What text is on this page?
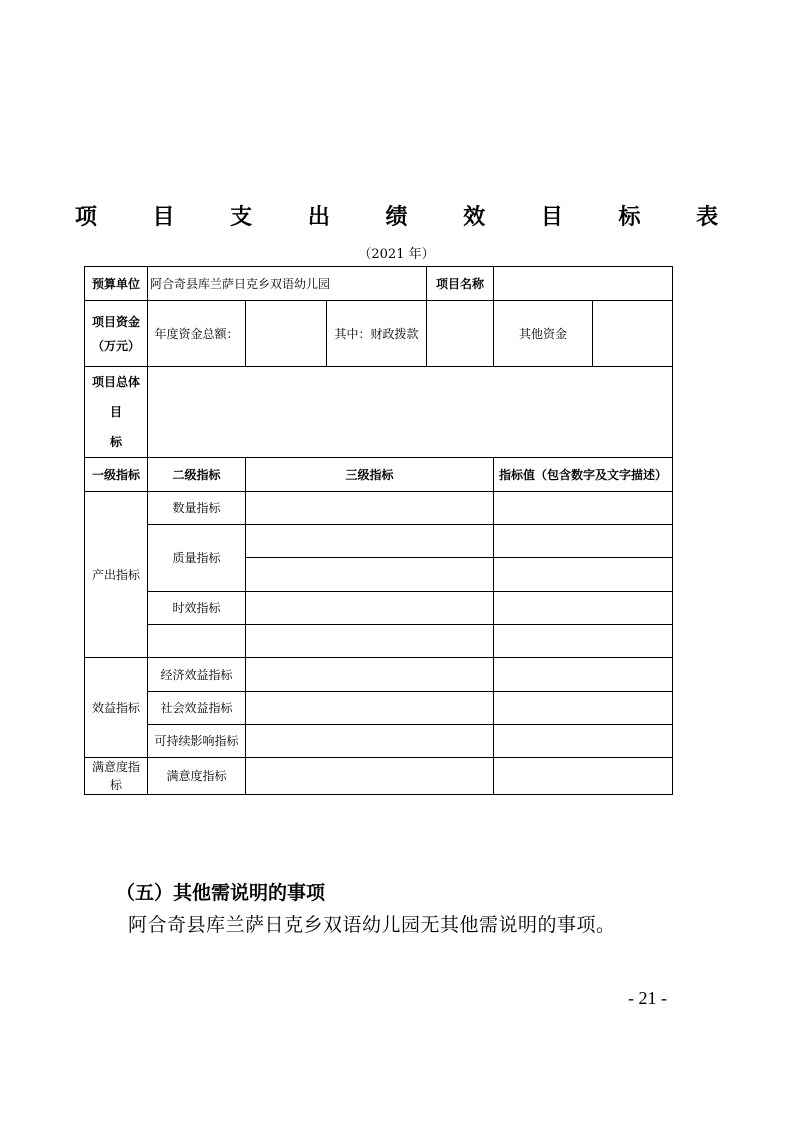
项 目 支 出 绩 效 目 标 表
（2021 年）
预算单位	阿合奇县库兰萨日克乡双语幼儿园			项目名称		

项目资金
（万元）	年度资金总额：		其中：财政拨款		其他资金	

项目总体目
标						

一级指标	二级指标	三级指标			指标值（包含数字及文字描述）	
产出指标	数量指标					
	质量指标					

	时效指标					

效益指标	经济效益指标					
	社会效益指标					
	可持续影响指标					
满意度指标	满意度指标					
（五）其他需说明的事项
阿合奇县库兰萨日克乡双语幼儿园无其他需说明的事项。
- 21 -
